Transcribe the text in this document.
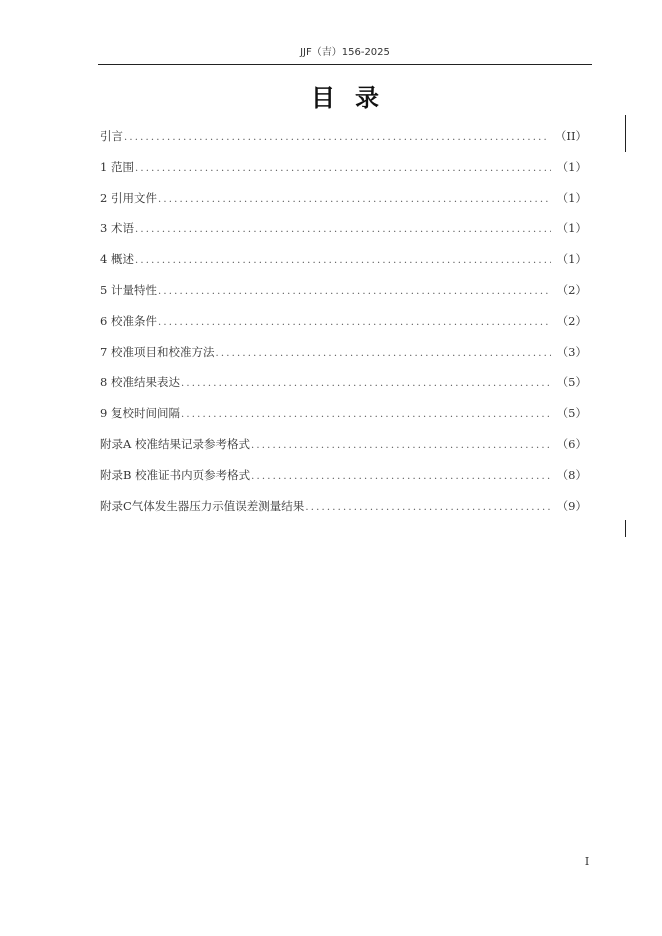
JJF（吉）156-2025
目录
引言 .....	（II）
1 范围 .....	（1）
2 引用文件 .....	（1）
3 术语 .....	（1）
4 概述 .....	（1）
5 计量特性 .....	（2）
6 校准条件 .....	（2）
7 校准项目和校准方法 .....	（3）
8 校准结果表达 .....	（5）
9 复校时间间隔 .....	（5）
附录A 校准结果记录参考格式 .....	（6）
附录B 校准证书内页参考格式 .....	（8）
附录C气体发生器压力示值误差测量结果 .....	（9）
I
